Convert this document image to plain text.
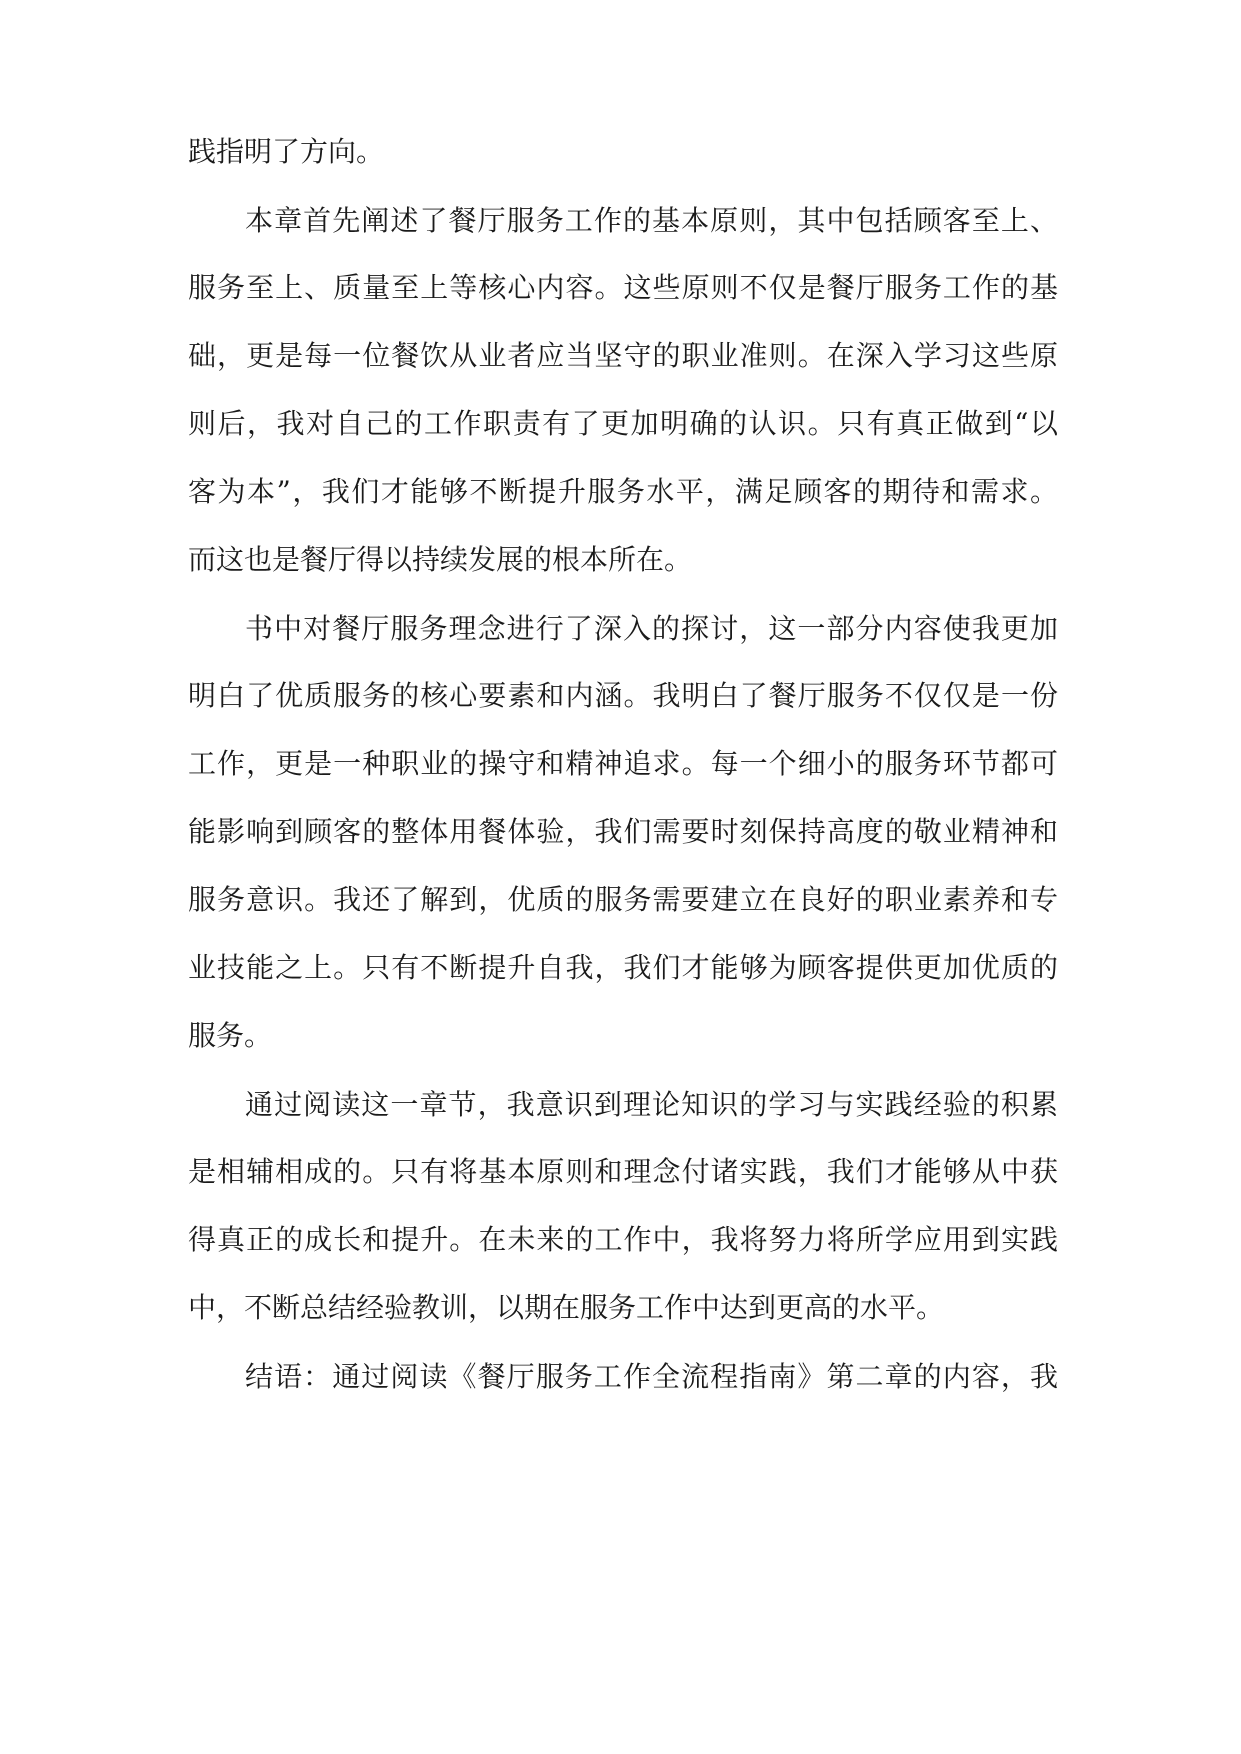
践指明了方向。
本章首先阐述了餐厅服务工作的基本原则，其中包括顾客至上、
服务至上、质量至上等核心内容。这些原则不仅是餐厅服务工作的基
础，更是每一位餐饮从业者应当坚守的职业准则。在深入学习这些原
则后，我对自己的工作职责有了更加明确的认识。只有真正做到“以
客为本”，我们才能够不断提升服务水平，满足顾客的期待和需求。
而这也是餐厅得以持续发展的根本所在。
书中对餐厅服务理念进行了深入的探讨，这一部分内容使我更加
明白了优质服务的核心要素和内涵。我明白了餐厅服务不仅仅是一份
工作，更是一种职业的操守和精神追求。每一个细小的服务环节都可
能影响到顾客的整体用餐体验，我们需要时刻保持高度的敬业精神和
服务意识。我还了解到，优质的服务需要建立在良好的职业素养和专
业技能之上。只有不断提升自我，我们才能够为顾客提供更加优质的
服务。
通过阅读这一章节，我意识到理论知识的学习与实践经验的积累
是相辅相成的。只有将基本原则和理念付诸实践，我们才能够从中获
得真正的成长和提升。在未来的工作中，我将努力将所学应用到实践
中，不断总结经验教训，以期在服务工作中达到更高的水平。
结语：通过阅读《餐厅服务工作全流程指南》第二章的内容，我
